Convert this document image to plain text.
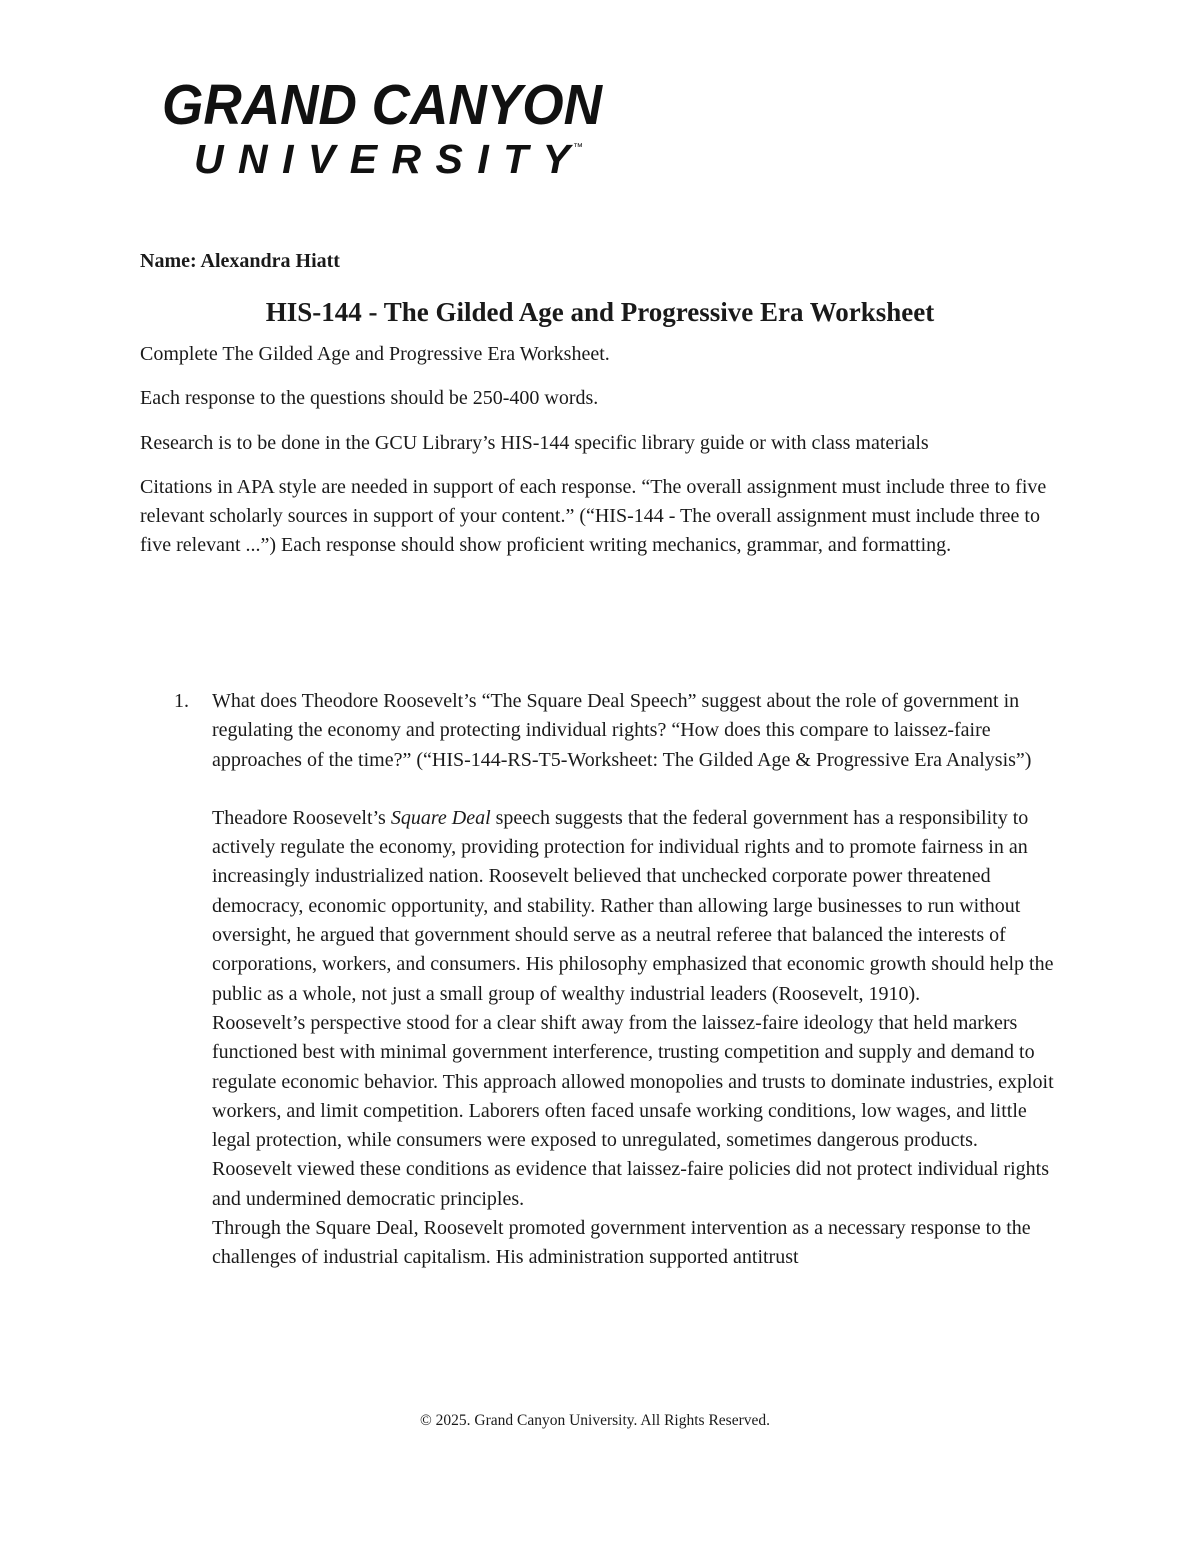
GRAND CANYON
UNIVERSITY ™

Name: Alexandra Hiatt

HIS-144 - The Gilded Age and Progressive Era Worksheet

Complete The Gilded Age and Progressive Era Worksheet.

Each response to the questions should be 250-400 words.

Research is to be done in the GCU Library’s HIS-144 specific library guide or with class materials

Citations in APA style are needed in support of each response. “The overall assignment must include three to five relevant scholarly sources in support of your content.” (“HIS-144 - The overall assignment must include three to five relevant ...”) Each response should show proficient writing mechanics, grammar, and formatting.

1. What does Theodore Roosevelt’s “The Square Deal Speech” suggest about the role of government in regulating the economy and protecting individual rights? “How does this compare to laissez-faire approaches of the time?” (“HIS-144-RS-T5-Worksheet: The Gilded Age & Progressive Era Analysis”)

Theadore Roosevelt’s Square Deal speech suggests that the federal government has a responsibility to actively regulate the economy, providing protection for individual rights and to promote fairness in an increasingly industrialized nation. Roosevelt believed that unchecked corporate power threatened democracy, economic opportunity, and stability. Rather than allowing large businesses to run without oversight, he argued that government should serve as a neutral referee that balanced the interests of corporations, workers, and consumers. His philosophy emphasized that economic growth should help the public as a whole, not just a small group of wealthy industrial leaders (Roosevelt, 1910).

Roosevelt’s perspective stood for a clear shift away from the laissez-faire ideology that held markers functioned best with minimal government interference, trusting competition and supply and demand to regulate economic behavior. This approach allowed monopolies and trusts to dominate industries, exploit workers, and limit competition. Laborers often faced unsafe working conditions, low wages, and little legal protection, while consumers were exposed to unregulated, sometimes dangerous products. Roosevelt viewed these conditions as evidence that laissez-faire policies did not protect individual rights and undermined democratic principles.

Through the Square Deal, Roosevelt promoted government intervention as a necessary response to the challenges of industrial capitalism. His administration supported antitrust

© 2025. Grand Canyon University. All Rights Reserved.
